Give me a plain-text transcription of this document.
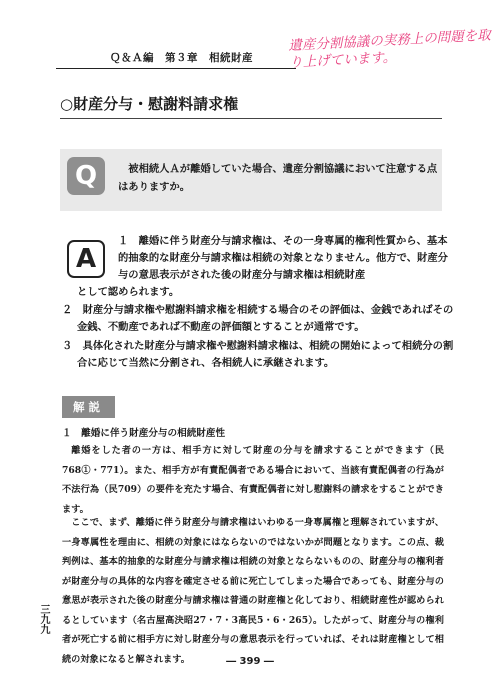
Ｑ＆Ａ編　第３章　相続財産
遺産分割協議の実務上の問題を取り上げています。
○財産分与・慰謝料請求権
Q	被相続人Ａが離婚していた場合、遺産分割協議において注意する点はありますか。
A
１　離婚に伴う財産分与請求権は、その一身専属的権利性質から、基本的抽象的な財産分与請求権は相続の対象となりません。他方で、財産分与の意思表示がされた後の財産分与請求権は相続財産
として認められます。
２　財産分与請求権や慰謝料請求権を相続する場合のその評価は、金銭であればその金銭、不動産であれば不動産の評価額とすることが通常です。
３　具体化された財産分与請求権や慰謝料請求権は、相続の開始によって相続分の割合に応じて当然に分割され、各相続人に承継されます。
解説
１　離婚に伴う財産分与の相続財産性
離婚をした者の一方は、相手方に対して財産の分与を請求することができます（民768①・771）。また、相手方が有責配偶者である場合において、当該有責配偶者の行為が不法行為（民709）の要件を充たす場合、有責配偶者に対し慰謝料の請求をすることができます。
ここで、まず、離婚に伴う財産分与請求権はいわゆる一身専属権と理解されていますが、一身専属性を理由に、相続の対象にはならないのではないかが問題となります。この点、裁判例は、基本的抽象的な財産分与請求権は相続の対象とならないものの、財産分与の権利者が財産分与の具体的な内容を確定させる前に死亡してしまった場合であっても、財産分与の意思が表示された後の財産分与請求権は普通の財産権と化しており、相続財産性が認められるとしています（名古屋高決昭27・7・3高民5・6・265）。したがって、財産分与の権利者が死亡する前に相手方に対し財産分与の意思表示を行っていれば、それは財産権として相続の対象になると解されます。
三九九
― 399 ―
